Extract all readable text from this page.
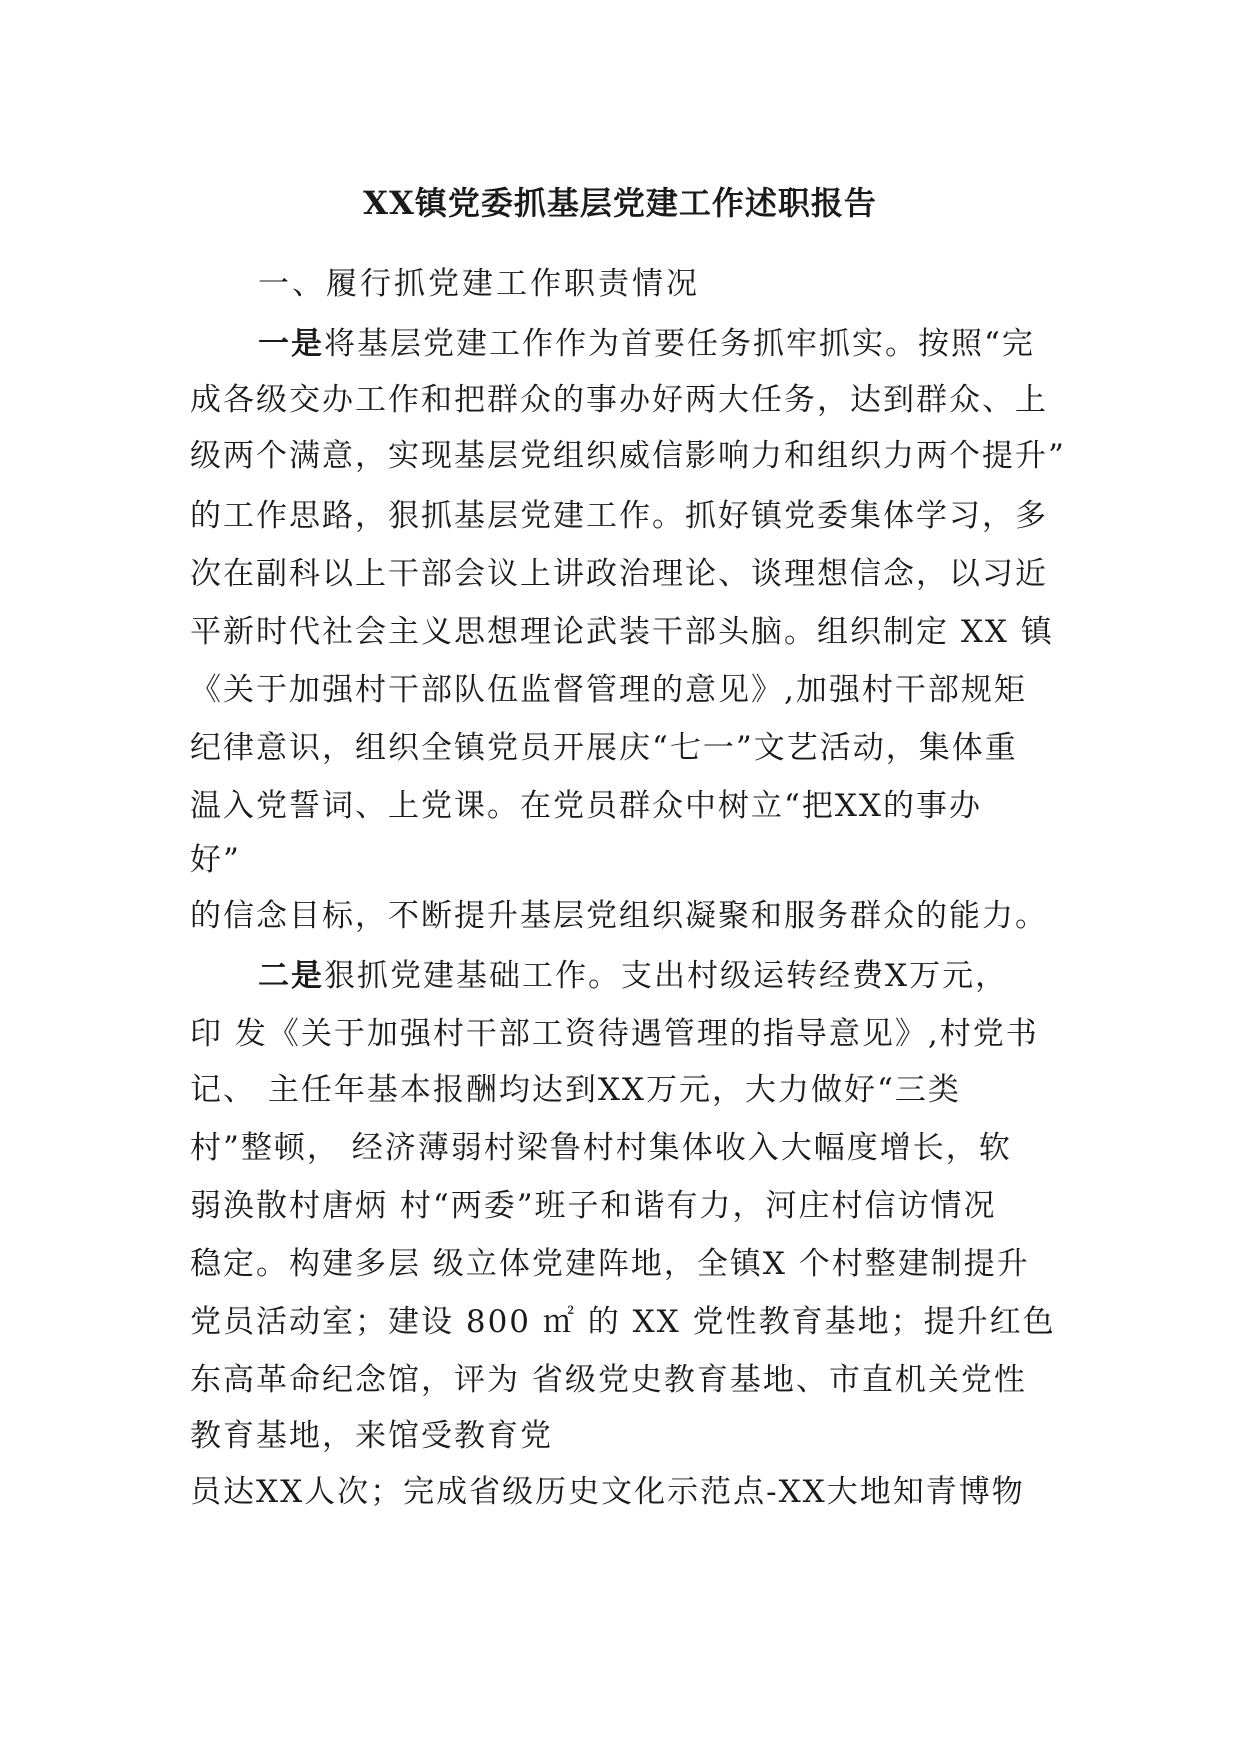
XX镇党委抓基层党建工作述职报告
一、履行抓党建工作职责情况
一是将基层党建工作作为首要任务抓牢抓实。按照“完
成各级交办工作和把群众的事办好两大任务，达到群众、上
级两个满意，实现基层党组织威信影响力和组织力两个提升”
的工作思路，狠抓基层党建工作。抓好镇党委集体学习，多
次在副科以上干部会议上讲政治理论、谈理想信念，以习近
平新时代社会主义思想理论武装干部头脑。组织制定 XX 镇
《关于加强村干部队伍监督管理的意见》,加强村干部规矩
纪律意识，组织全镇党员开展庆“七一”文艺活动，集体重
温入党誓词、上党课。在党员群众中树立“把XX的事办
好”
的信念目标，不断提升基层党组织凝聚和服务群众的能力。
二是狠抓党建基础工作。支出村级运转经费X万元，
印 发《关于加强村干部工资待遇管理的指导意见》,村党书
记、 主任年基本报酬均达到XX万元，大力做好“三类
村”整顿， 经济薄弱村梁鲁村村集体收入大幅度增长，软
弱涣散村唐炳 村“两委”班子和谐有力，河庄村信访情况
稳定。构建多层 级立体党建阵地，全镇X 个村整建制提升
党员活动室；建设 800 ㎡ 的 XX 党性教育基地；提升红色
东高革命纪念馆，评为 省级党史教育基地、市直机关党性
教育基地，来馆受教育党
员达XX人次；完成省级历史文化示范点-XX大地知青博物
